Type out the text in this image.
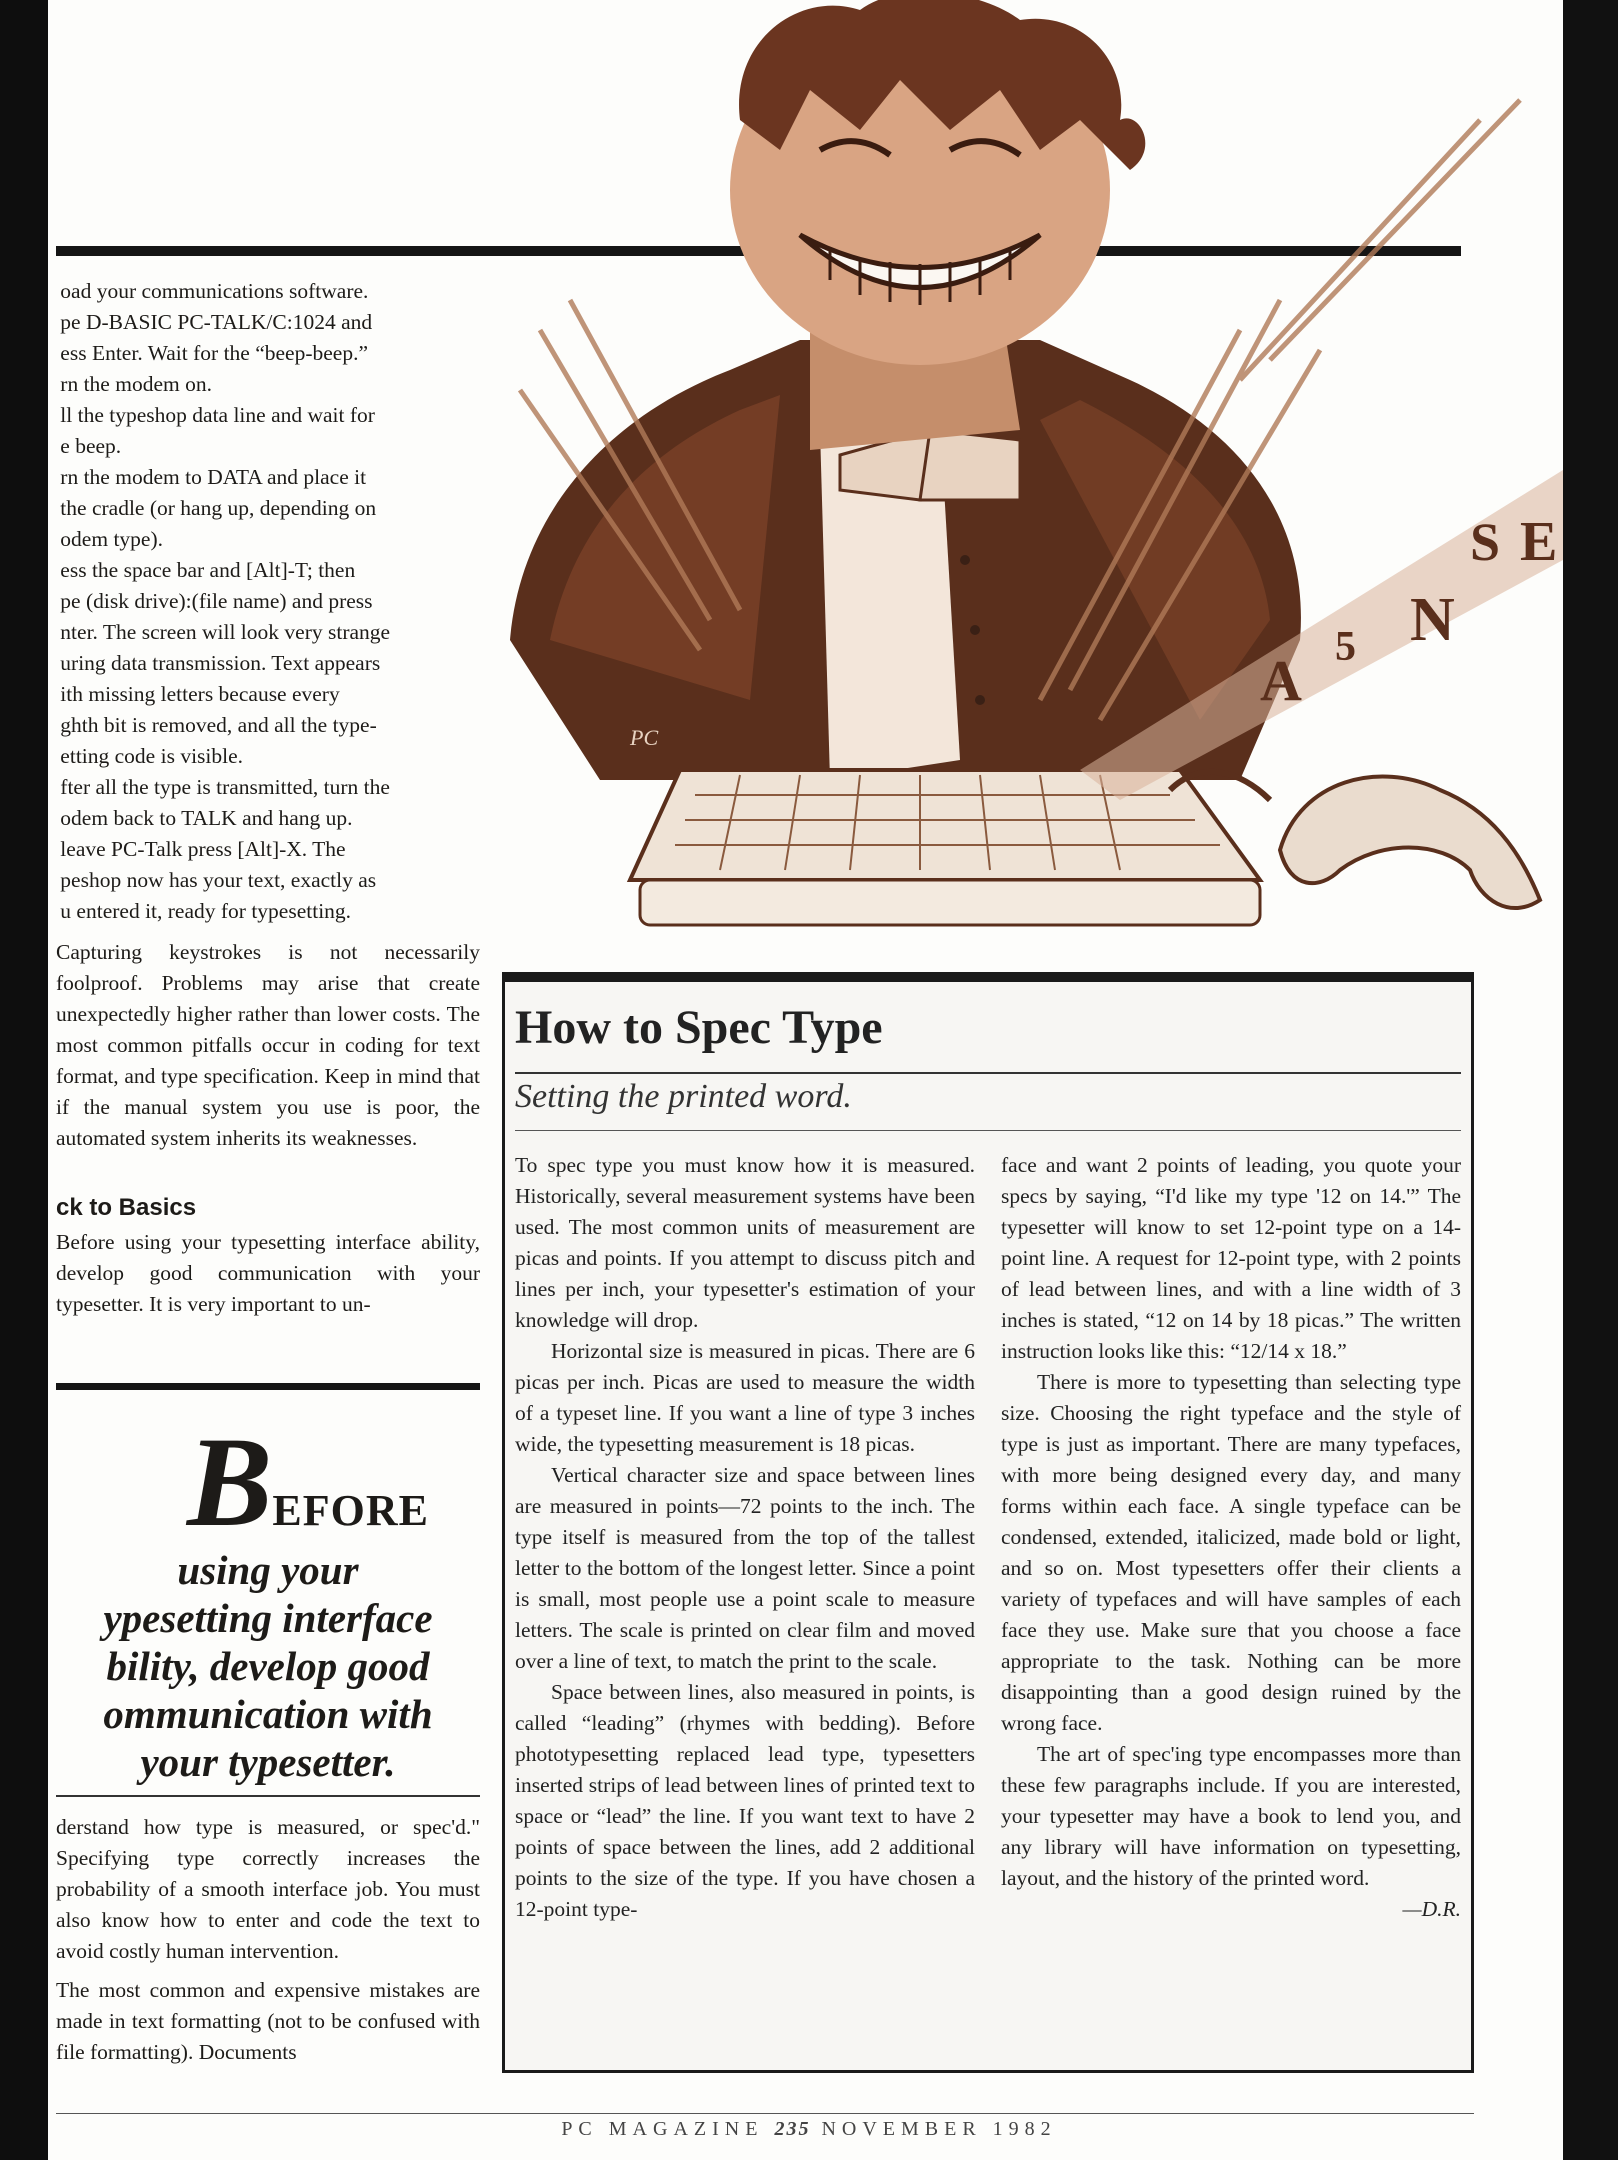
PC
A
5 N
S E
 oad your communications software.
 pe D-BASIC PC-TALK/C:1024 and
 ess Enter. Wait for the “beep-beep.”
 rn the modem on.
 ll the typeshop data line and wait for
 e beep.
 rn the modem to DATA and place it
 the cradle (or hang up, depending on
 odem type).
 ess the space bar and [Alt]-T; then
 pe (disk drive):(file name) and press
 nter. The screen will look very strange
 uring data transmission. Text appears
 ith missing letters because every
 ghth bit is removed, and all the type-
 etting code is visible.
 fter all the type is transmitted, turn the
 odem back to TALK and hang up.
 leave PC-Talk press [Alt]-X. The
 peshop now has your text, exactly as
 u entered it, ready for typesetting.

Capturing keystrokes is not necessarily foolproof. Problems may arise that create unexpectedly higher rather than lower costs. The most common pitfalls occur in coding for text format, and type specification. Keep in mind that if the manual system you use is poor, the automated system inherits its weaknesses.

ck to Basics

Before using your typesetting interface ability, develop good communication with your typesetter. It is very important to un-

BEFORE
using your
ypesetting interface
bility, develop good
ommunication with
your typesetter.

derstand how type is measured, or spec'd." Specifying type correctly increases the probability of a smooth interface job. You must also know how to enter and code the text to avoid costly human intervention.

The most common and expensive mistakes are made in text formatting (not to be confused with file formatting). Documents

How to Spec Type
Setting the printed word.

To spec type you must know how it is measured. Historically, several measurement systems have been used. The most common units of measurement are picas and points. If you attempt to discuss pitch and lines per inch, your typesetter's estimation of your knowledge will drop.

Horizontal size is measured in picas. There are 6 picas per inch. Picas are used to measure the width of a typeset line. If you want a line of type 3 inches wide, the typesetting measurement is 18 picas.

Vertical character size and space between lines are measured in points—72 points to the inch. The type itself is measured from the top of the tallest letter to the bottom of the longest letter. Since a point is small, most people use a point scale to measure letters. The scale is printed on clear film and moved over a line of text, to match the print to the scale.

Space between lines, also measured in points, is called “leading” (rhymes with bedding). Before phototypesetting replaced lead type, typesetters inserted strips of lead between lines of printed text to space or “lead” the line. If you want text to have 2 points of space between the lines, add 2 additional points to the size of the type. If you have chosen a 12-point type-

face and want 2 points of leading, you quote your specs by saying, “I'd like my type '12 on 14.'” The typesetter will know to set 12-point type on a 14-point line. A request for 12-point type, with 2 points of lead between lines, and with a line width of 3 inches is stated, “12 on 14 by 18 picas.” The written instruction looks like this: “12/14 x 18.”

There is more to typesetting than selecting type size. Choosing the right typeface and the style of type is just as important. There are many typefaces, with more being designed every day, and many forms within each face. A single typeface can be condensed, extended, italicized, made bold or light, and so on. Most typesetters offer their clients a variety of typefaces and will have samples of each face they use. Make sure that you choose a face appropriate to the task. Nothing can be more disappointing than a good design ruined by the wrong face.

The art of spec'ing type encompasses more than these few paragraphs include. If you are interested, your typesetter may have a book to lend you, and any library will have information on typesetting, layout, and the history of the printed word.

—D.R.
PC MAGAZINE 235 NOVEMBER 1982
